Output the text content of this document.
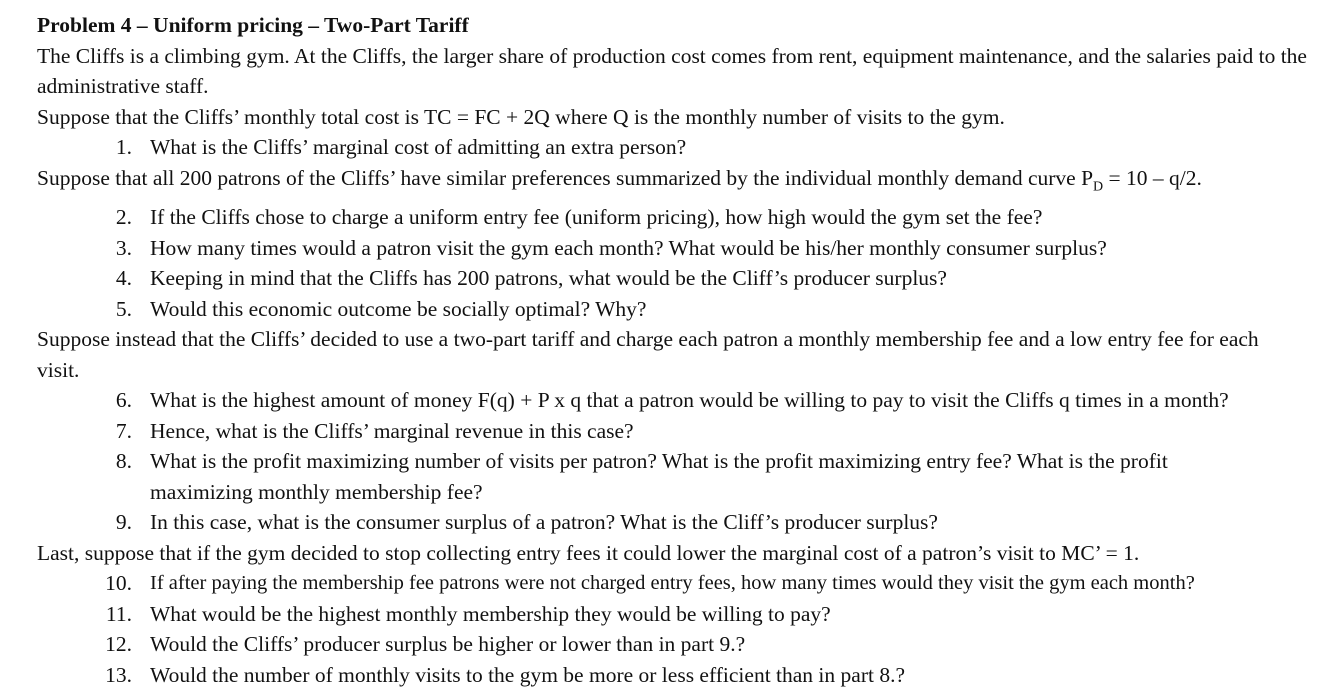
Problem 4 – Uniform pricing – Two-Part Tariff
The Cliffs is a climbing gym. At the Cliffs, the larger share of production cost comes from rent, equipment maintenance, and the salaries paid to the administrative staff.
Suppose that the Cliffs’ monthly total cost is TC = FC + 2Q where Q is the monthly number of visits to the gym.
1. What is the Cliffs’ marginal cost of admitting an extra person?
Suppose that all 200 patrons of the Cliffs’ have similar preferences summarized by the individual monthly demand curve $P_D = 10 - q/2$.
2. If the Cliffs chose to charge a uniform entry fee (uniform pricing), how high would the gym set the fee?
3. How many times would a patron visit the gym each month? What would be his/her monthly consumer surplus?
4. Keeping in mind that the Cliffs has 200 patrons, what would be the Cliff’s producer surplus?
5. Would this economic outcome be socially optimal? Why?
Suppose instead that the Cliffs’ decided to use a two-part tariff and charge each patron a monthly membership fee and a low entry fee for each visit.
6. What is the highest amount of money F(q) + P x q that a patron would be willing to pay to visit the Cliffs q times in a month?
7. Hence, what is the Cliffs’ marginal revenue in this case?
8. What is the profit maximizing number of visits per patron? What is the profit maximizing entry fee? What is the profit maximizing monthly membership fee?
9. In this case, what is the consumer surplus of a patron? What is the Cliff’s producer surplus?
Last, suppose that if the gym decided to stop collecting entry fees it could lower the marginal cost of a patron’s visit to MC’ = 1.
10. If after paying the membership fee patrons were not charged entry fees, how many times would they visit the gym each month?
11. What would be the highest monthly membership they would be willing to pay?
12. Would the Cliffs’ producer surplus be higher or lower than in part 9.?
13. Would the number of monthly visits to the gym be more or less efficient than in part 8.?
